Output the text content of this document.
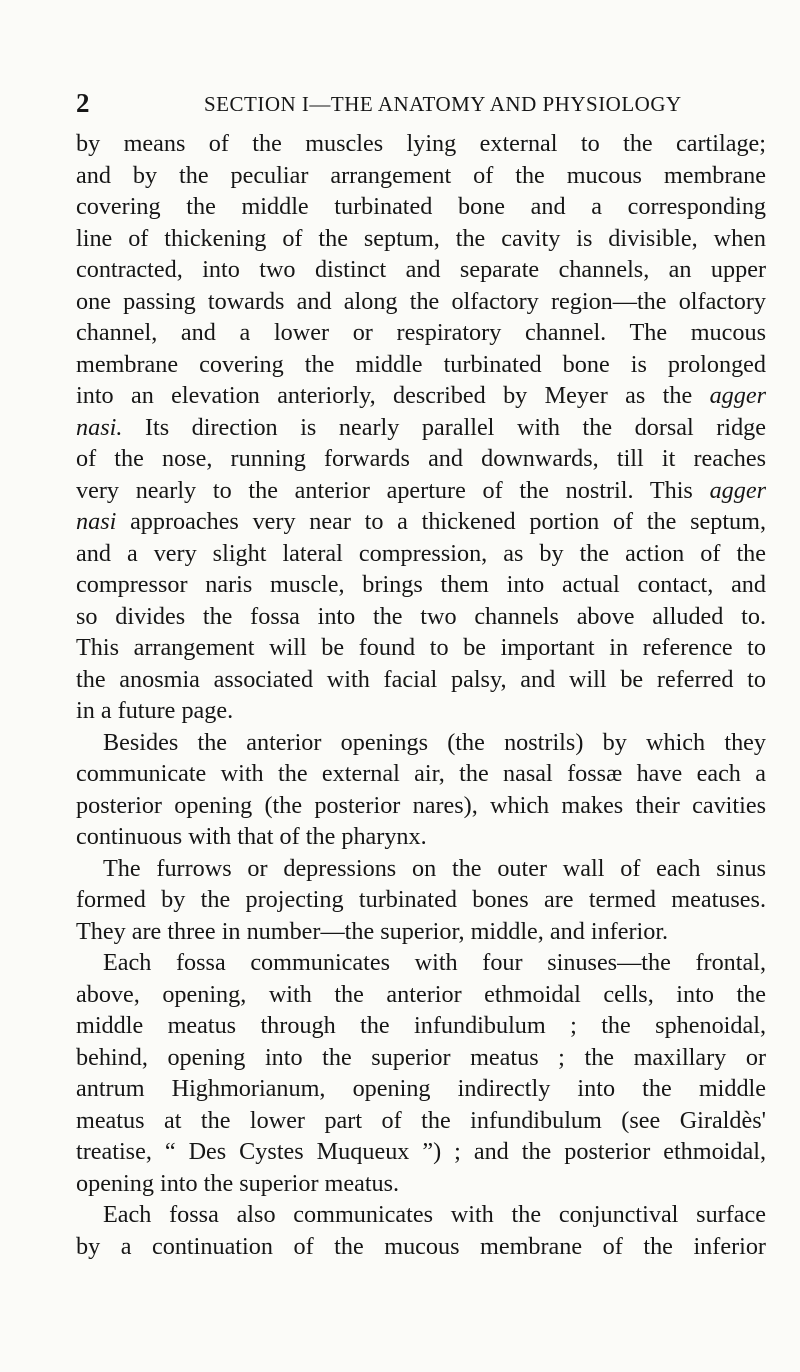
2	SECTION I—THE ANATOMY AND PHYSIOLOGY
by means of the muscles lying external to the cartilage;
and by the peculiar arrangement of the mucous membrane
covering the middle turbinated bone and a corresponding
line of thickening of the septum, the cavity is divisible, when
contracted, into two distinct and separate channels, an upper
one passing towards and along the olfactory region—the olfactory
channel, and a lower or respiratory channel. The mucous
membrane covering the middle turbinated bone is prolonged
into an elevation anteriorly, described by Meyer as the agger
nasi. Its direction is nearly parallel with the dorsal ridge
of the nose, running forwards and downwards, till it reaches
very nearly to the anterior aperture of the nostril. This agger
nasi approaches very near to a thickened portion of the septum,
and a very slight lateral compression, as by the action of the
compressor naris muscle, brings them into actual contact, and
so divides the fossa into the two channels above alluded to.
This arrangement will be found to be important in reference to
the anosmia associated with facial palsy, and will be referred to
in a future page.
Besides the anterior openings (the nostrils) by which they
communicate with the external air, the nasal fossæ have each a
posterior opening (the posterior nares), which makes their cavities
continuous with that of the pharynx.
The furrows or depressions on the outer wall of each sinus
formed by the projecting turbinated bones are termed meatuses.
They are three in number—the superior, middle, and inferior.
Each fossa communicates with four sinuses—the frontal,
above, opening, with the anterior ethmoidal cells, into the
middle meatus through the infundibulum ; the sphenoidal,
behind, opening into the superior meatus ; the maxillary or
antrum Highmorianum, opening indirectly into the middle
meatus at the lower part of the infundibulum (see Giraldès'
treatise, “ Des Cystes Muqueux ”) ; and the posterior ethmoidal,
opening into the superior meatus.
Each fossa also communicates with the conjunctival surface
by a continuation of the mucous membrane of the inferior
